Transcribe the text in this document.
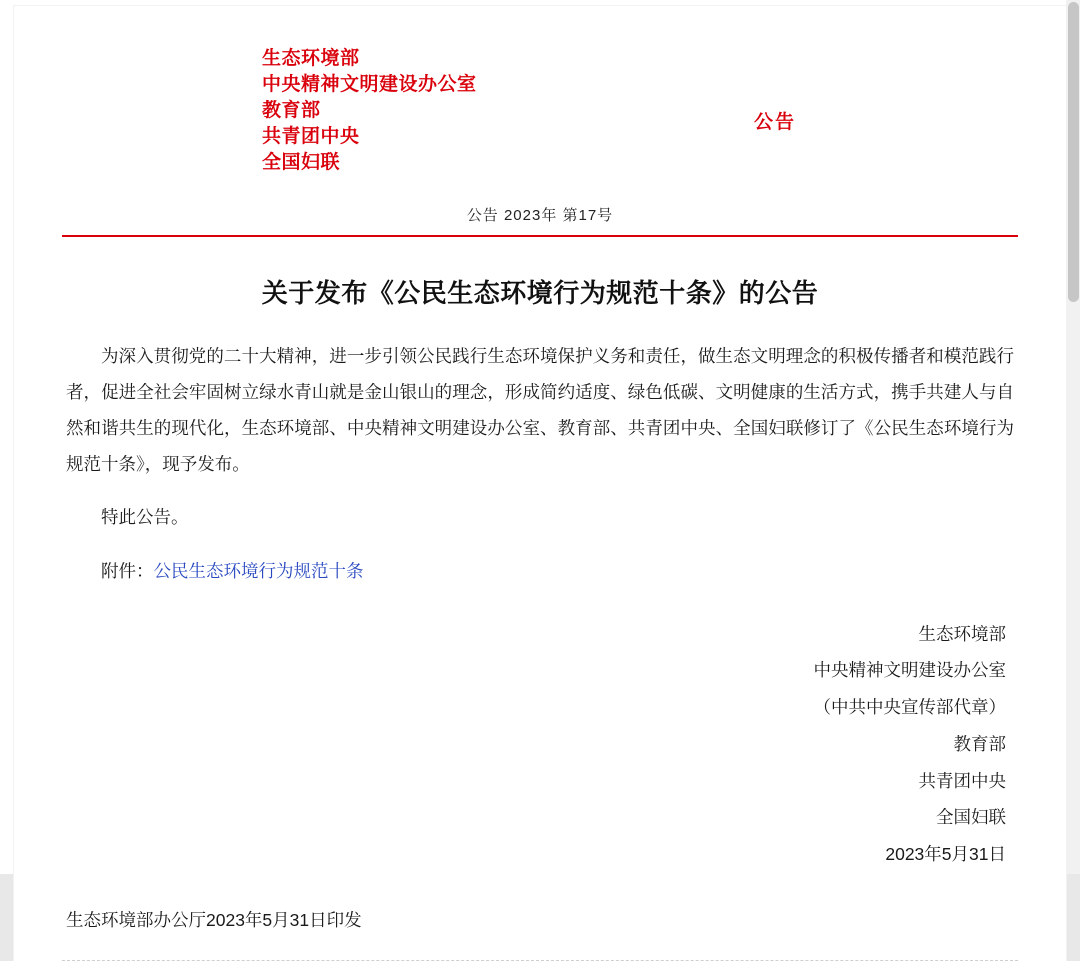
生态环境部
中央精神文明建设办公室
教育部
共青团中央
全国妇联
公告
公告 2023年 第17号
关于发布《公民生态环境行为规范十条》的公告

为深入贯彻党的二十大精神，进一步引领公民践行生态环境保护义务和责任，做生态文明理念的积极传播者和模范践行者，促进全社会牢固树立绿水青山就是金山银山的理念，形成简约适度、绿色低碳、文明健康的生活方式，携手共建人与自然和谐共生的现代化，生态环境部、中央精神文明建设办公室、教育部、共青团中央、全国妇联修订了《公民生态环境行为规范十条》，现予发布。

特此公告。

附件：公民生态环境行为规范十条

生态环境部
中央精神文明建设办公室
（中共中央宣传部代章）
教育部
共青团中央
全国妇联
2023年5月31日
生态环境部办公厅2023年5月31日印发
